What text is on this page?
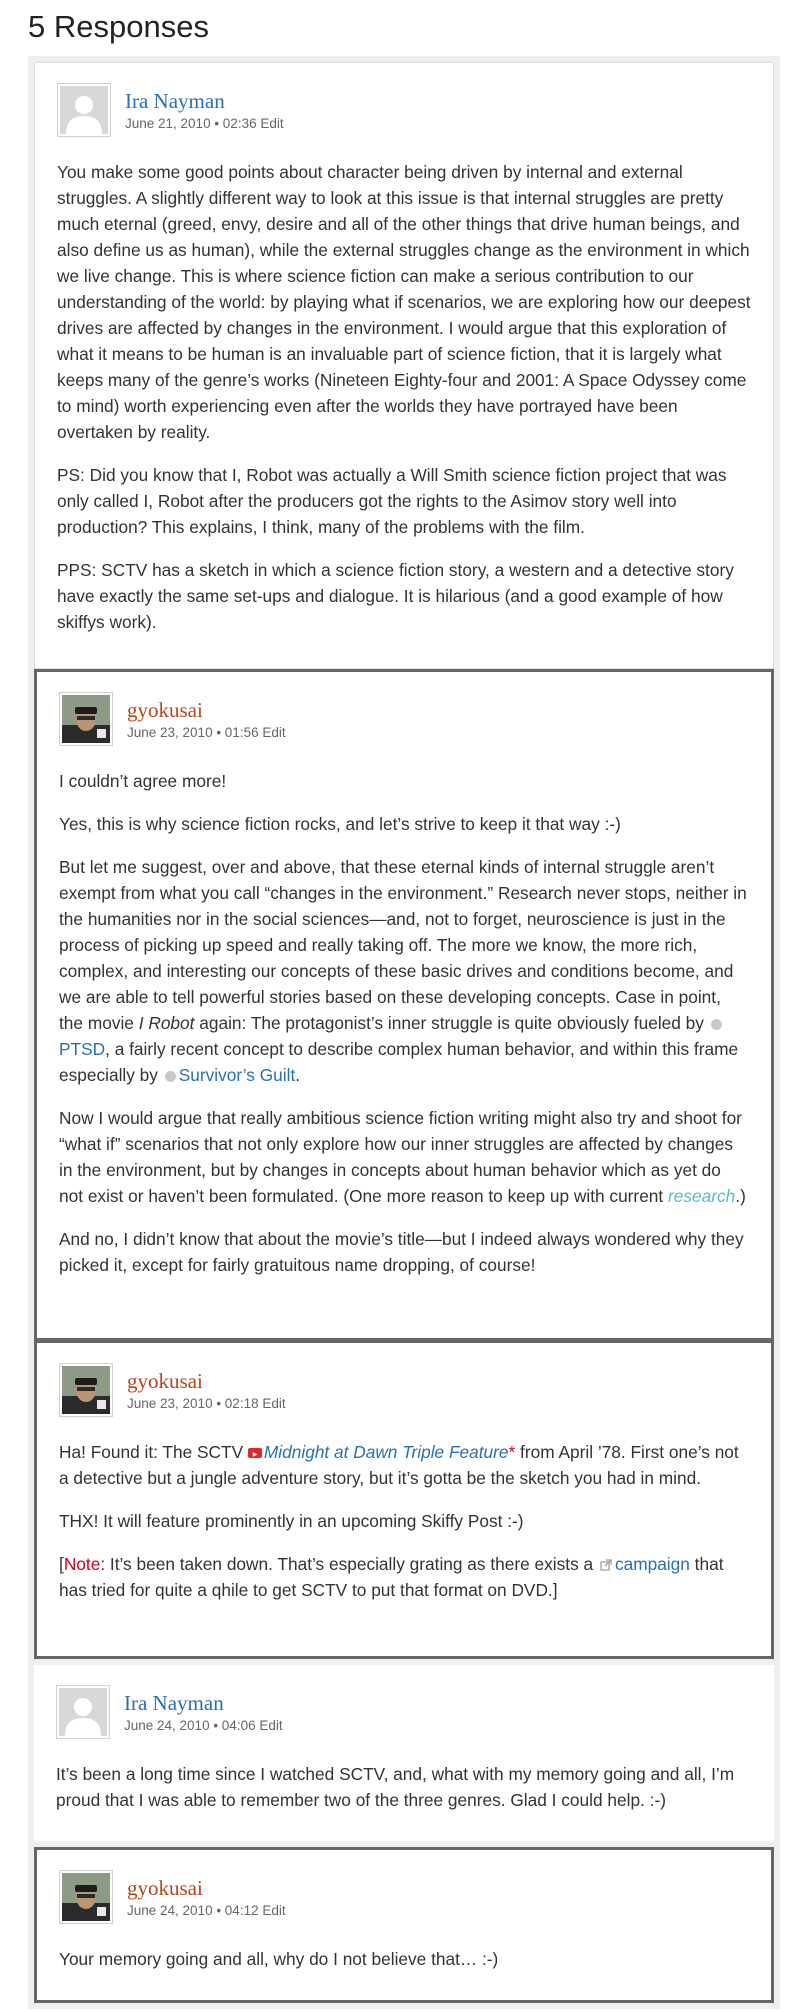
5 Responses
Ira Nayman
June 21, 2010 • 02:36 Edit

You make some good points about character being driven by internal and external struggles. A slightly different way to look at this issue is that internal struggles are pretty much eternal (greed, envy, desire and all of the other things that drive human beings, and also define us as human), while the external struggles change as the environment in which we live change. This is where science fiction can make a serious contribution to our understanding of the world: by playing what if scenarios, we are exploring how our deepest drives are affected by changes in the environment. I would argue that this exploration of what it means to be human is an invaluable part of science fiction, that it is largely what keeps many of the genre’s works (Nineteen Eighty-four and 2001: A Space Odyssey come to mind) worth experiencing even after the worlds they have portrayed have been overtaken by reality.

PS: Did you know that I, Robot was actually a Will Smith science fiction project that was only called I, Robot after the producers got the rights to the Asimov story well into production? This explains, I think, many of the problems with the film.

PPS: SCTV has a sketch in which a science fiction story, a western and a detective story have exactly the same set-ups and dialogue. It is hilarious (and a good example of how skiffys work).

gyokusai
June 23, 2010 • 01:56 Edit

I couldn’t agree more!

Yes, this is why science fiction rocks, and let’s strive to keep it that way :-)

But let me suggest, over and above, that these eternal kinds of internal struggle aren’t exempt from what you call “changes in the environment.” Research never stops, neither in the humanities nor in the social sciences—and, not to forget, neuroscience is just in the process of picking up speed and really taking off. The more we know, the more rich, complex, and interesting our concepts of these basic drives and conditions become, and we are able to tell powerful stories based on these developing concepts. Case in point, the movie I Robot again: The protagonist’s inner struggle is quite obviously fueled by PTSD, a fairly recent concept to describe complex human behavior, and within this frame especially by Survivor’s Guilt.

Now I would argue that really ambitious science fiction writing might also try and shoot for “what if” scenarios that not only explore how our inner struggles are affected by changes in the environment, but by changes in concepts about human behavior which as yet do not exist or haven’t been formulated. (One more reason to keep up with current research.)

And no, I didn’t know that about the movie’s title—but I indeed always wondered why they picked it, except for fairly gratuitous name dropping, of course!

gyokusai
June 23, 2010 • 02:18 Edit

Ha! Found it: The SCTV ▶ Midnight at Dawn Triple Feature* from April ’78. First one’s not a detective but a jungle adventure story, but it’s gotta be the sketch you had in mind.

THX! It will feature prominently in an upcoming Skiffy Post :-)

[Note: It’s been taken down. That’s especially grating as there exists a campaign that has tried for quite a qhile to get SCTV to put that format on DVD.]

Ira Nayman
June 24, 2010 • 04:06 Edit

It’s been a long time since I watched SCTV, and, what with my memory going and all, I’m proud that I was able to remember two of the three genres. Glad I could help. :-)

gyokusai
June 24, 2010 • 04:12 Edit

Your memory going and all, why do I not believe that… :-)
